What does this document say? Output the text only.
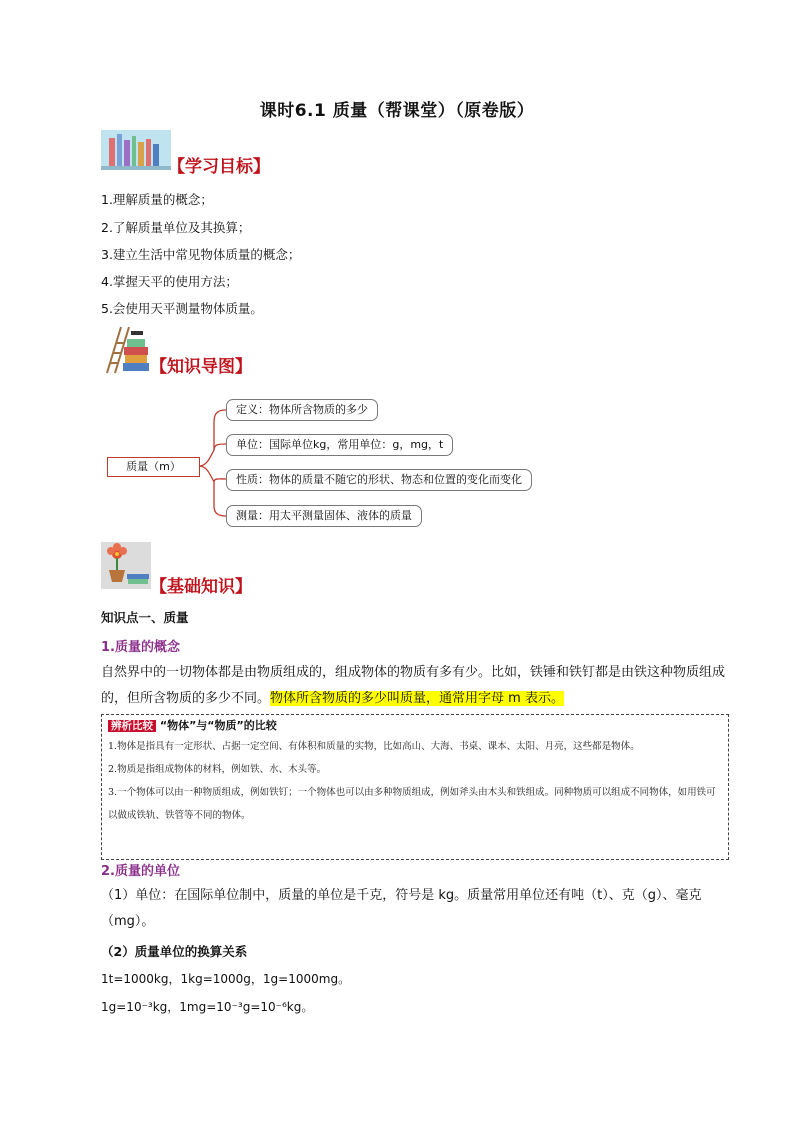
课时6.1 质量（帮课堂）（原卷版）
【学习目标】
1.理解质量的概念；
2.了解质量单位及其换算；
3.建立生活中常见物体质量的概念；
4.掌握天平的使用方法；
5.会使用天平测量物体质量。
【知识导图】
质量（m）
定义：物体所含物质的多少
单位：国际单位kg，常用单位：g，mg，t
性质：物体的质量不随它的形状、物态和位置的变化而变化
测量：用太平测量固体、液体的质量
【基础知识】
知识点一、质量
1.质量的概念
自然界中的一切物体都是由物质组成的，组成物体的物质有多有少。比如，铁锤和铁钉都是由铁这种物质组成的，但所含物质的多少不同。物体所含物质的多少叫质量，通常用字母 m 表示。
辨析比较 “物体”与“物质”的比较
1.物体是指具有一定形状、占据一定空间、有体积和质量的实物，比如高山、大海、书桌、课本、太阳、月亮，这些都是物体。
2.物质是指组成物体的材料，例如铁、水、木头等。
3.一个物体可以由一种物质组成，例如铁钉；一个物体也可以由多种物质组成，例如斧头由木头和铁组成。同种物质可以组成不同物体，如用铁可以做成铁轨、铁管等不同的物体。
2.质量的单位
（1）单位：在国际单位制中，质量的单位是千克，符号是 kg。质量常用单位还有吨（t）、克（g）、毫克（mg）。
（2）质量单位的换算关系
1t=1000kg，1kg=1000g，1g=1000mg。
1g=10⁻³kg，1mg=10⁻³g=10⁻⁶kg。
